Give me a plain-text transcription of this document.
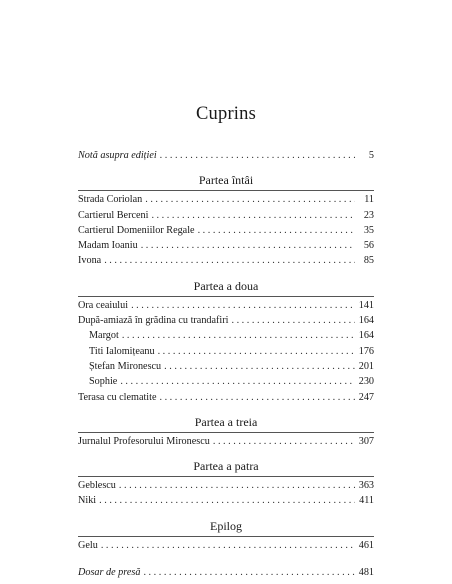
Cuprins
Notă asupra ediției . . .	5
Partea întâi
Strada Coriolan . . .	11
Cartierul Berceni . . .	23
Cartierul Domeniilor Regale . . .	35
Madam Ioaniu . . .	56
Ivona . . .	85
Partea a doua
Ora ceaiului . . .	141
După-amiază în grădina cu trandafiri . . .	164
Margot . . .	164
Titi Ialomițeanu . . .	176
Ștefan Mironescu . . .	201
Sophie . . .	230
Terasa cu clematite . . .	247
Partea a treia
Jurnalul Profesorului Mironescu . . .	307
Partea a patra
Geblescu . . .	363
Niki . . .	411
Epilog
Gelu . . .	461
Dosar de presă . . .	481
